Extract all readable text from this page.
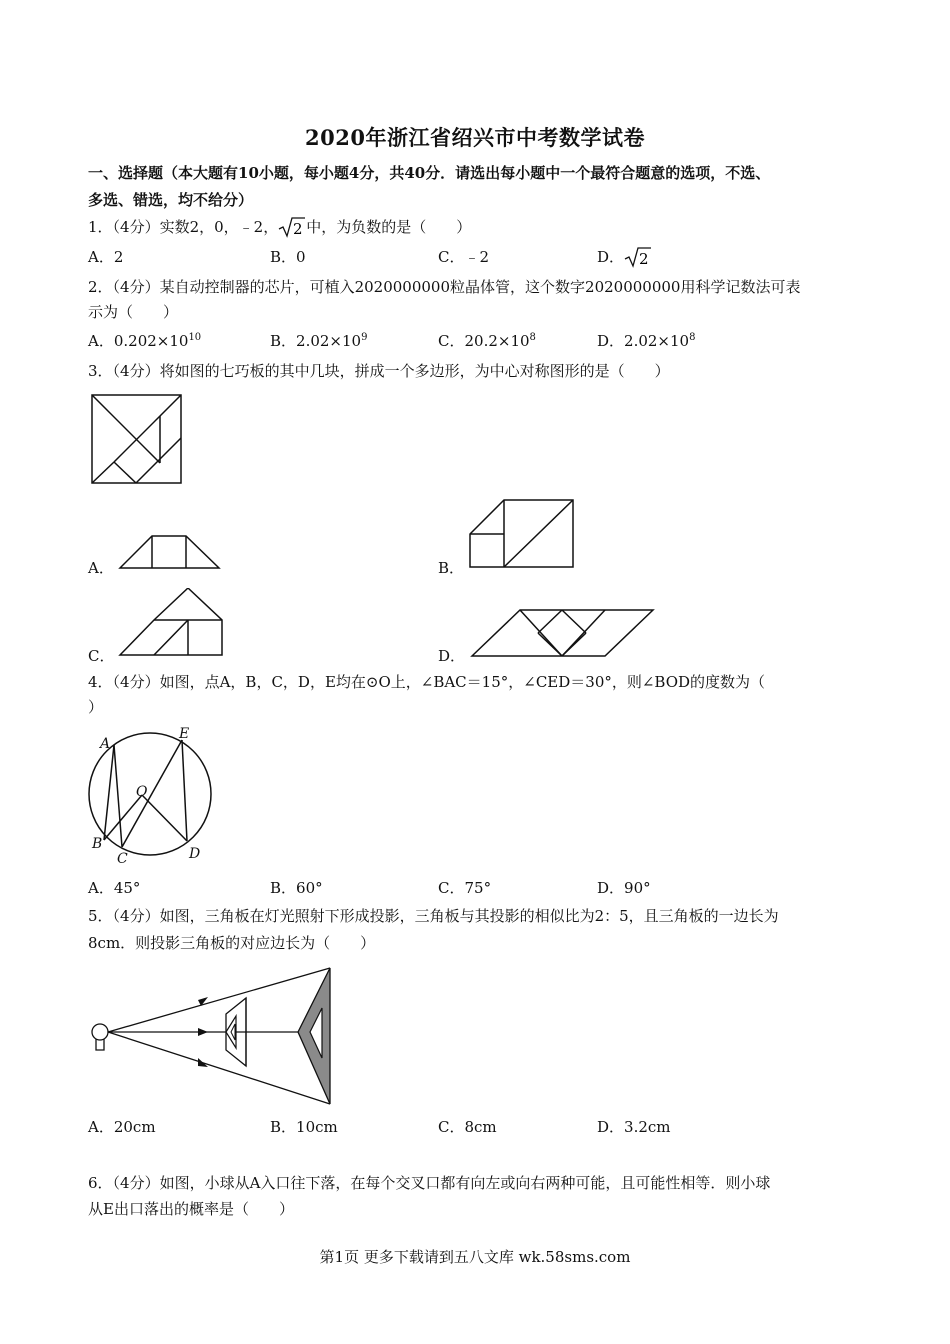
2020年浙江省绍兴市中考数学试卷
一、选择题（本大题有10小题，每小题4分，共40分．请选出每小题中一个最符合题意的选项，不选、
多选、错选，均不给分）
1．（4分）实数2，0，﹣2， 2 中，为负数的是（　　）
A．2	B．0	C．﹣2	D． 2
2．（4分）某自动控制器的芯片，可植入2020000000粒晶体管，这个数字2020000000用科学记数法可表
示为（　　）
A．$0.202\times 10^{10}$	B．$2.02\times 10^9$	C．$20.2\times 10^8$	D．$2.02\times 10^8$
3．（4分）将如图的七巧板的其中几块，拼成一个多边形，为中心对称图形的是（　　）
A．	B．
C．	D．
4．（4分）如图，点A，B，C，D，E均在⊙O上，∠BAC＝15°，∠CED＝30°，则∠BOD的度数为（
）
A
E
O
B
C	D
A．45°	B．60°	C．75°	D．90°
5．（4分）如图，三角板在灯光照射下形成投影，三角板与其投影的相似比为2：5，且三角板的一边长为
8cm．则投影三角板的对应边长为（　　）
A．20cm	B．10cm	C．8cm	D．3.2cm
6．（4分）如图，小球从A入口往下落，在每个交叉口都有向左或向右两种可能，且可能性相等．则小球
从E出口落出的概率是（　　）
第1页 更多下载请到五八文库 wk.58sms.com
